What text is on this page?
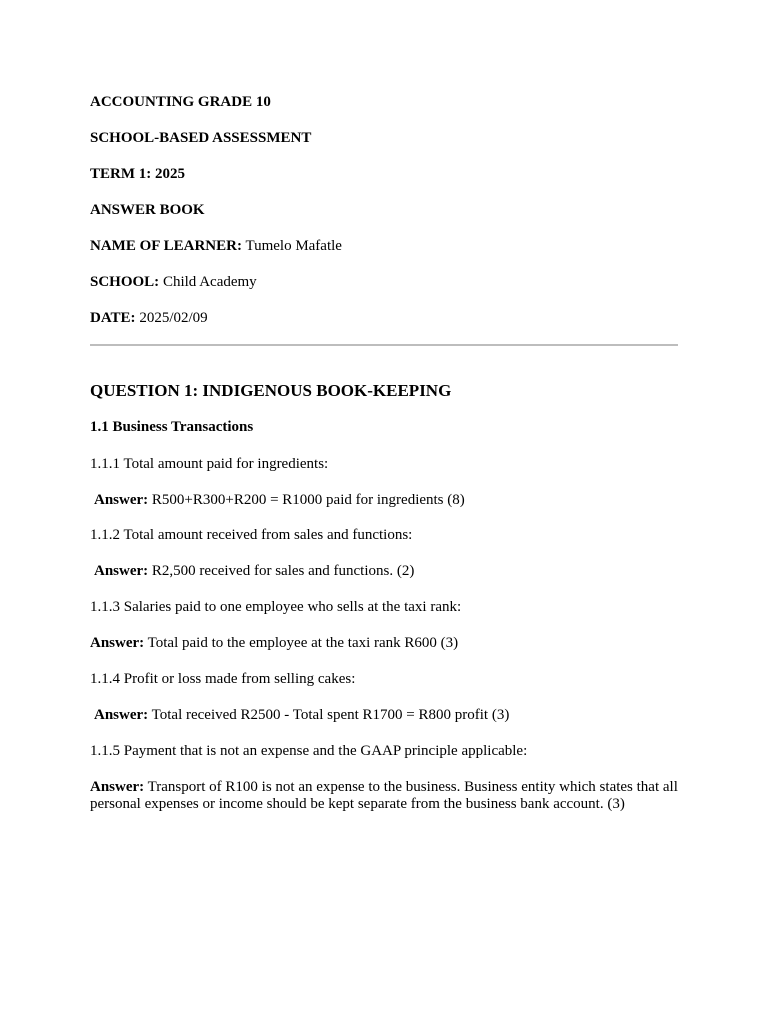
ACCOUNTING GRADE 10
SCHOOL-BASED ASSESSMENT
TERM 1: 2025
ANSWER BOOK
NAME OF LEARNER: Tumelo Mafatle
SCHOOL: Child Academy
DATE: 2025/02/09
QUESTION 1: INDIGENOUS BOOK-KEEPING
1.1 Business Transactions
1.1.1 Total amount paid for ingredients:
Answer: R500+R300+R200 = R1000 paid for ingredients (8)
1.1.2 Total amount received from sales and functions:
Answer: R2,500 received for sales and functions. (2)
1.1.3 Salaries paid to one employee who sells at the taxi rank:
Answer: Total paid to the employee at the taxi rank R600 (3)
1.1.4 Profit or loss made from selling cakes:
Answer: Total received R2500 - Total spent R1700 = R800 profit (3)
1.1.5 Payment that is not an expense and the GAAP principle applicable:
Answer: Transport of R100 is not an expense to the business. Business entity which states that all personal expenses or income should be kept separate from the business bank account. (3)
